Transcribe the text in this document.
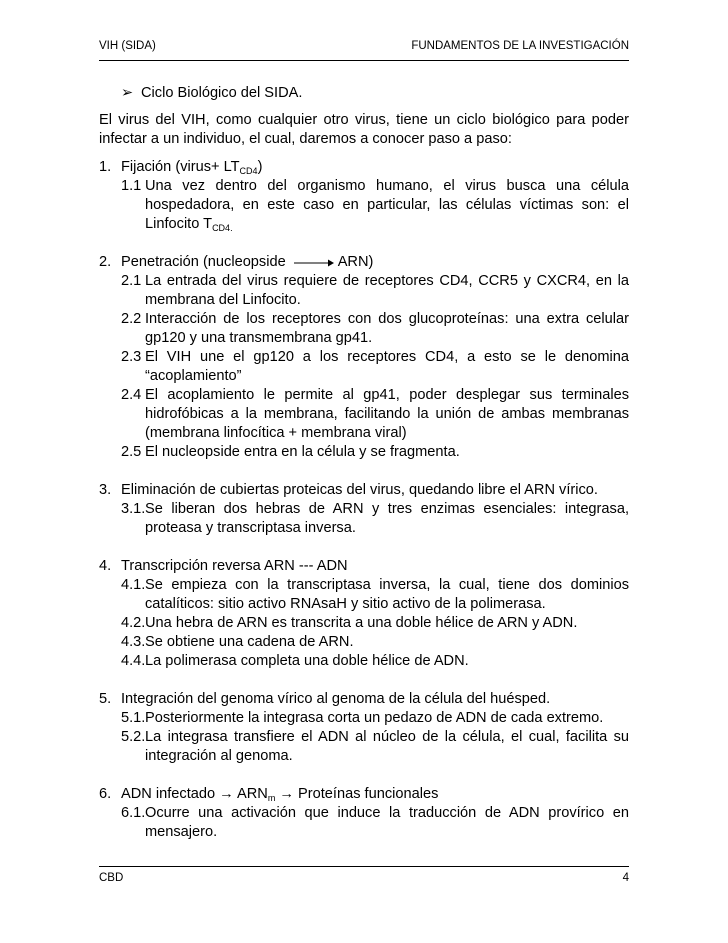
VIH (SIDA)	FUNDAMENTOS DE LA INVESTIGACIÓN
➢ Ciclo Biológico del SIDA.

El virus del VIH, como cualquier otro virus, tiene un ciclo biológico para poder infectar a un individuo, el cual, daremos a conocer paso a paso:

1. Fijación (virus+ $LT_{CD4}$)
1.1 Una vez dentro del organismo humano, el virus busca una célula hospedadora, en este caso en particular, las células víctimas son: el Linfocito $T_{CD4.}$
2. Penetración (nucleopside	ARN)
2.1 La entrada del virus requiere de receptores CD4, CCR5 y CXCR4, en la membrana del Linfocito.
2.2 Interacción de los receptores con dos glucoproteínas: una extra celular gp120 y una transmembrana gp41.
2.3 El VIH une el gp120 a los receptores CD4, a esto se le denomina “acoplamiento”
2.4 El acoplamiento le permite al gp41, poder desplegar sus terminales hidrofóbicas a la membrana, facilitando la unión de ambas membranas (membrana linfocítica + membrana viral)
2.5 El nucleopside entra en la célula y se fragmenta.
3. Eliminación de cubiertas proteicas del virus, quedando libre el ARN vírico.
3.1. Se liberan dos hebras de ARN y tres enzimas esenciales: integrasa, proteasa y transcriptasa inversa.
4. Transcripción reversa ARN --- ADN
4.1. Se empieza con la transcriptasa inversa, la cual, tiene dos dominios catalíticos: sitio activo RNAsaH y sitio activo de la polimerasa.
4.2. Una hebra de ARN es transcrita a una doble hélice de ARN y ADN.
4.3. Se obtiene una cadena de ARN.
4.4. La polimerasa completa una doble hélice de ADN.
5. Integración del genoma vírico al genoma de la célula del huésped.
5.1. Posteriormente la integrasa corta un pedazo de ADN de cada extremo.
5.2. La integrasa transfiere el ADN al núcleo de la célula, el cual, facilita su integración al genoma.
6. ADN infectado → $ARN_m$ → Proteínas funcionales
6.1. Ocurre una activación que induce la traducción de ADN provírico en mensajero.
CBD	4
